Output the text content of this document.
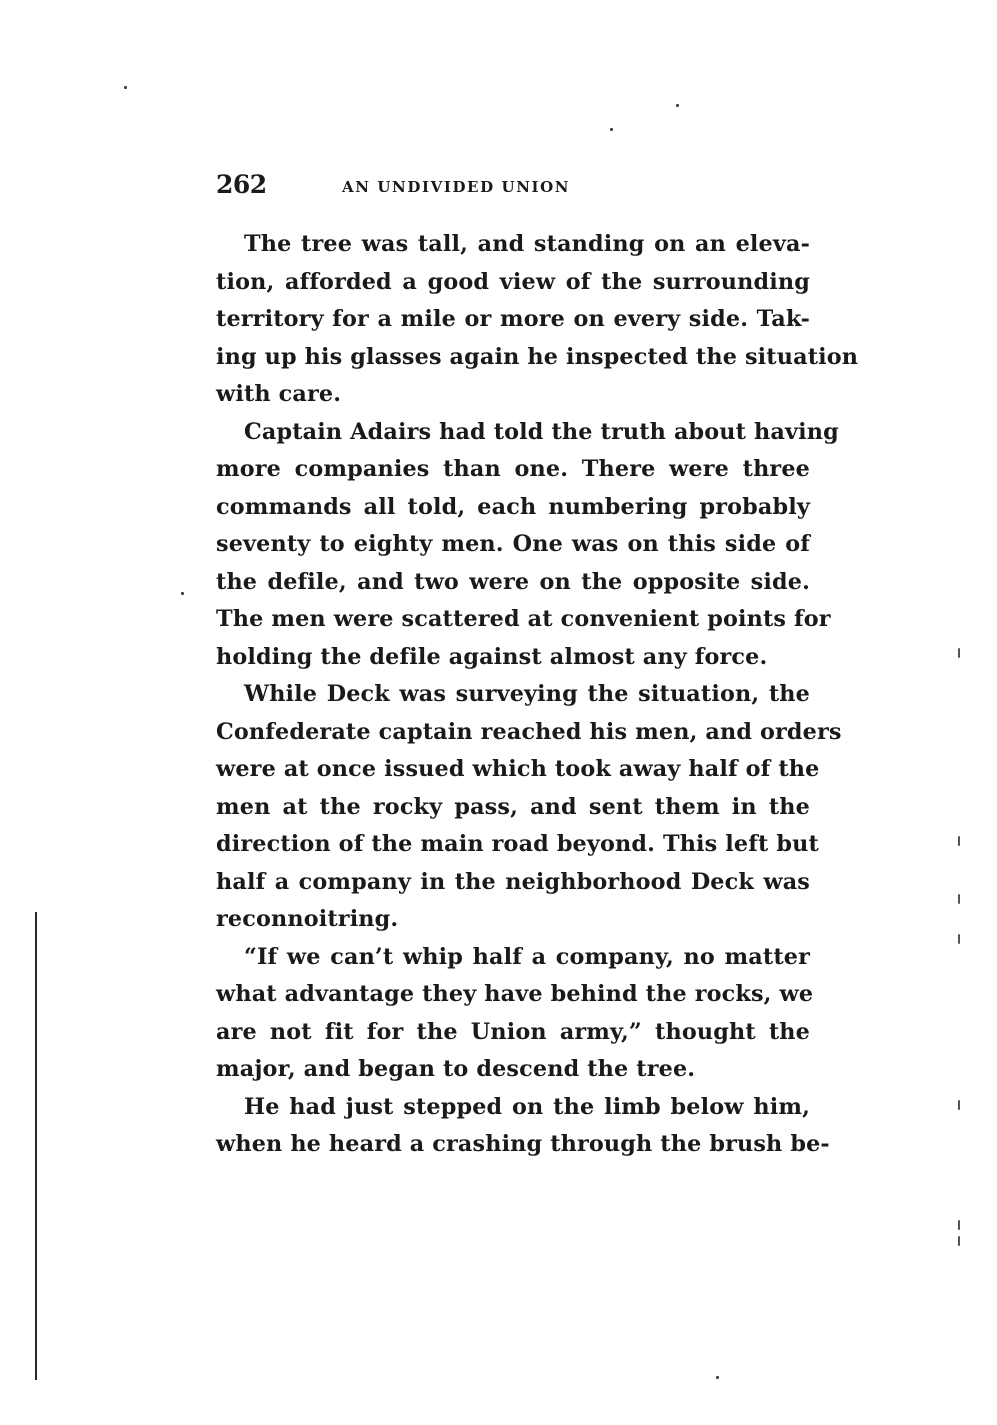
262	AN UNDIVIDED UNION

The tree was tall, and standing on an eleva-
tion, afforded a good view of the surrounding
territory for a mile or more on every side. Tak-
ing up his glasses again he inspected the situation
with care.

Captain Adairs had told the truth about having
more companies than one. There were three
commands all told, each numbering probably
seventy to eighty men. One was on this side of
the defile, and two were on the opposite side.
The men were scattered at convenient points for
holding the defile against almost any force.

While Deck was surveying the situation, the
Confederate captain reached his men, and orders
were at once issued which took away half of the
men at the rocky pass, and sent them in the
direction of the main road beyond. This left but
half a company in the neighborhood Deck was
reconnoitring.

“If we can’t whip half a company, no matter
what advantage they have behind the rocks, we
are not fit for the Union army,” thought the
major, and began to descend the tree.

He had just stepped on the limb below him,
when he heard a crashing through the brush be-
